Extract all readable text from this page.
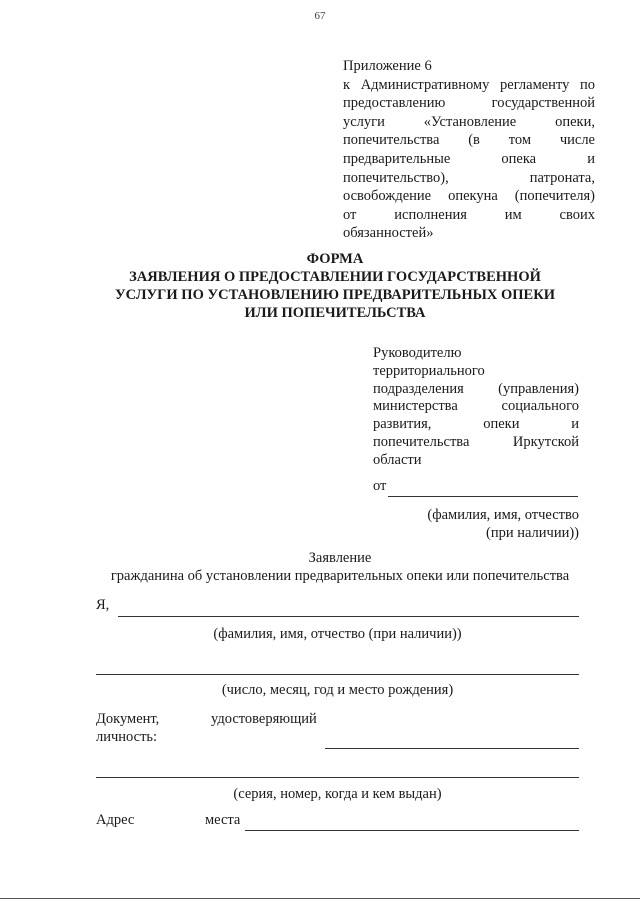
67
Приложение 6
к Административному регламенту по
предоставлению государственной
услуги «Установление опеки,
попечительства (в том числе
предварительные опека и
попечительство), патроната,
освобождение опекуна (попечителя)
от исполнения им своих
обязанностей»
ФОРМА
ЗАЯВЛЕНИЯ О ПРЕДОСТАВЛЕНИИ ГОСУДАРСТВЕННОЙ
УСЛУГИ ПО УСТАНОВЛЕНИЮ ПРЕДВАРИТЕЛЬНЫХ ОПЕКИ
ИЛИ ПОПЕЧИТЕЛЬСТВА
Руководителю
территориального
подразделения (управления)
министерства социального
развития, опеки и
попечительства Иркутской
области
от
(фамилия, имя, отчество
(при наличии))
Заявление
гражданина об установлении предварительных опеки или попечительства
Я,
(фамилия, имя, отчество (при наличии))
(число, месяц, год и место рождения)
Документ,	удостоверяющий
личность:
(серия, номер, когда и кем выдан)
Адрес	места
